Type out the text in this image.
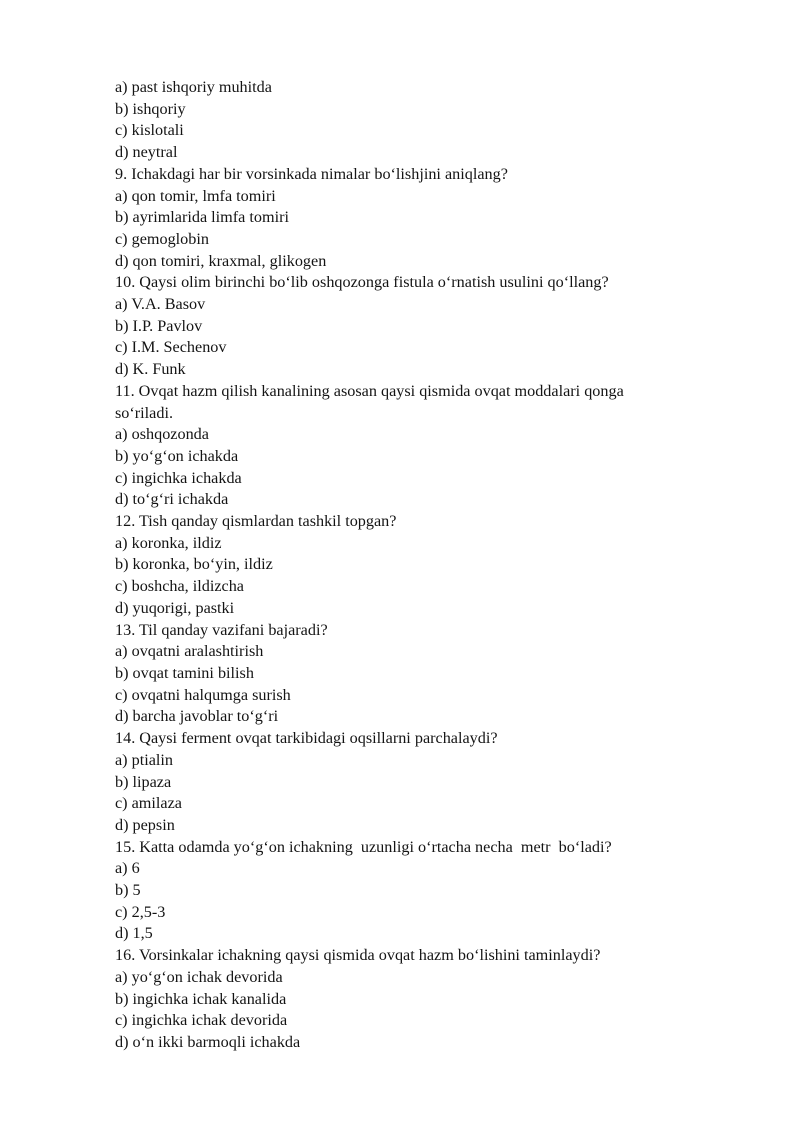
a) past ishqoriy muhitda

b) ishqoriy

c) kislotali

d) neytral

9. Ichakdagi har bir vorsinkada nimalar bo‘lishjini aniqlang?

a) qon tomir, lmfa tomiri

b) ayrimlarida limfa tomiri

c) gemoglobin

d) qon tomiri, kraxmal, glikogen

10. Qaysi olim birinchi bo‘lib oshqozonga fistula o‘rnatish usulini qo‘llang?

a) V.A. Basov

b) I.P. Pavlov

c) I.M. Sechenov

d) K. Funk

11. Ovqat hazm qilish kanalining asosan qaysi qismida ovqat moddalari qonga

so‘riladi.

a) oshqozonda

b) yo‘g‘on ichakda

c) ingichka ichakda

d) to‘g‘ri ichakda

12. Tish qanday qismlardan tashkil topgan?

a) koronka, ildiz

b) koronka, bo‘yin, ildiz

c) boshcha, ildizcha

d) yuqorigi, pastki

13. Til qanday vazifani bajaradi?

a) ovqatni aralashtirish

b) ovqat tamini bilish

c) ovqatni halqumga surish

d) barcha javoblar to‘g‘ri

14. Qaysi ferment ovqat tarkibidagi oqsillarni parchalaydi?

a) ptialin

b) lipaza

c) amilaza

d) pepsin

15. Katta odamda yo‘g‘on ichakning  uzunligi o‘rtacha necha  metr  bo‘ladi?

a) 6

b) 5

c) 2,5-3

d) 1,5

16. Vorsinkalar ichakning qaysi qismida ovqat hazm bo‘lishini taminlaydi?

a) yo‘g‘on ichak devorida

b) ingichka ichak kanalida

c) ingichka ichak devorida

d) o‘n ikki barmoqli ichakda
